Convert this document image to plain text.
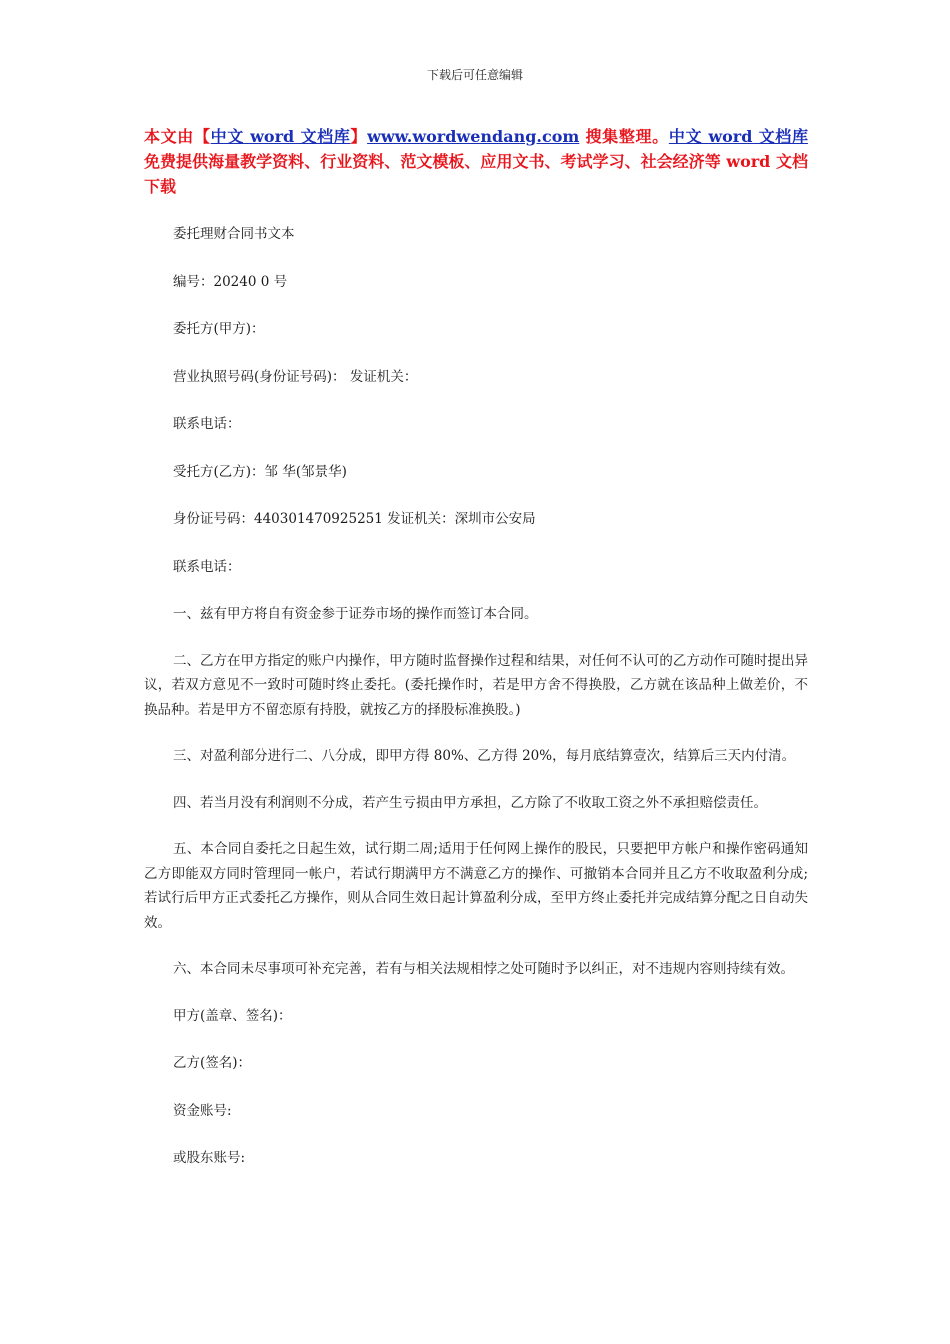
下载后可任意编辑
本文由【中文 word 文档库】www.wordwendang.com 搜集整理。中文 word 文档库免费提供海量教学资料、行业资料、范文模板、应用文书、考试学习、社会经济等 word 文档下载

委托理财合同书文本

编号：20240 0 号

委托方(甲方)：

营业执照号码(身份证号码)： 发证机关：

联系电话：

受托方(乙方)：邹 华(邹景华)

身份证号码：440301470925251 发证机关：深圳市公安局

联系电话：

一、兹有甲方将自有资金参于证券市场的操作而签订本合同。

二、乙方在甲方指定的账户内操作，甲方随时监督操作过程和结果，对任何不认可的乙方动作可随时提出异议，若双方意见不一致时可随时终止委托。(委托操作时，若是甲方舍不得换股，乙方就在该品种上做差价，不换品种。若是甲方不留恋原有持股，就按乙方的择股标准换股。)

三、对盈利部分进行二、八分成，即甲方得 80%、乙方得 20%，每月底结算壹次，结算后三天内付清。

四、若当月没有利润则不分成，若产生亏损由甲方承担，乙方除了不收取工资之外不承担赔偿责任。

五、本合同自委托之日起生效，试行期二周;适用于任何网上操作的股民，只要把甲方帐户和操作密码通知乙方即能双方同时管理同一帐户，若试行期满甲方不满意乙方的操作、可撤销本合同并且乙方不收取盈利分成;若试行后甲方正式委托乙方操作，则从合同生效日起计算盈利分成，至甲方终止委托并完成结算分配之日自动失效。

六、本合同未尽事项可补充完善，若有与相关法规相悖之处可随时予以纠正，对不违规内容则持续有效。

甲方(盖章、签名)：

乙方(签名)：

资金账号:

或股东账号:
